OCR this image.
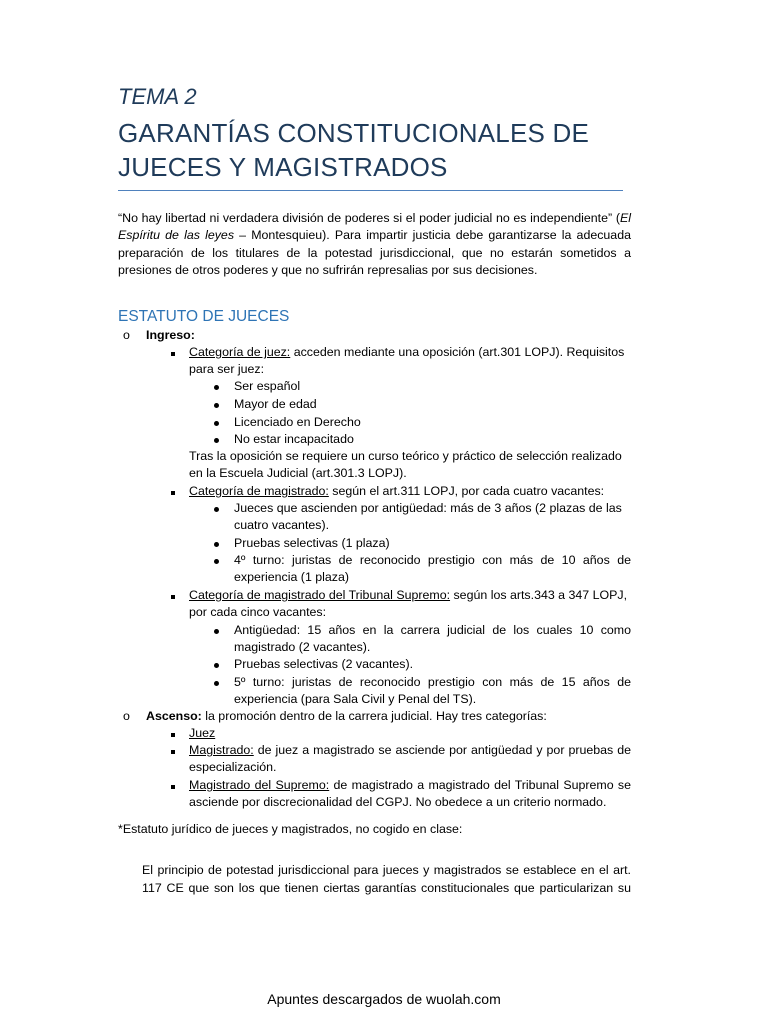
TEMA 2
GARANTÍAS CONSTITUCIONALES DE
JUECES Y MAGISTRADOS
“No hay libertad ni verdadera división de poderes si el poder judicial no es independiente” (El Espíritu de las leyes – Montesquieu). Para impartir justicia debe garantizarse la adecuada preparación de los titulares de la potestad jurisdiccional, que no estarán sometidos a presiones de otros poderes y que no sufrirán represalias por sus decisiones.
ESTATUTO DE JUECES
o Ingreso:
Categoría de juez: acceden mediante una oposición (art.301 LOPJ). Requisitos
para ser juez:
Ser español
Mayor de edad
Licenciado en Derecho
No estar incapacitado
Tras la oposición se requiere un curso teórico y práctico de selección realizado
en la Escuela Judicial (art.301.3 LOPJ).
Categoría de magistrado: según el art.311 LOPJ, por cada cuatro vacantes:
Jueces que ascienden por antigüedad: más de 3 años (2 plazas de las
cuatro vacantes).
Pruebas selectivas (1 plaza)
4º turno: juristas de reconocido prestigio con más de 10 años de
experiencia (1 plaza)
Categoría de magistrado del Tribunal Supremo: según los arts.343 a 347 LOPJ,
por cada cinco vacantes:
Antigüedad: 15 años en la carrera judicial de los cuales 10 como
magistrado (2 vacantes).
Pruebas selectivas (2 vacantes).
5º turno: juristas de reconocido prestigio con más de 15 años de
experiencia (para Sala Civil y Penal del TS).
o Ascenso: la promoción dentro de la carrera judicial. Hay tres categorías:
Juez
Magistrado: de juez a magistrado se asciende por antigüedad y por pruebas de
especialización.
Magistrado del Supremo: de magistrado a magistrado del Tribunal Supremo se
asciende por discrecionalidad del CGPJ. No obedece a un criterio normado.
*Estatuto jurídico de jueces y magistrados, no cogido en clase:
El principio de potestad jurisdiccional para jueces y magistrados se establece en el art.
117 CE que son los que tienen ciertas garantías constitucionales que particularizan su
Apuntes descargados de wuolah.com
